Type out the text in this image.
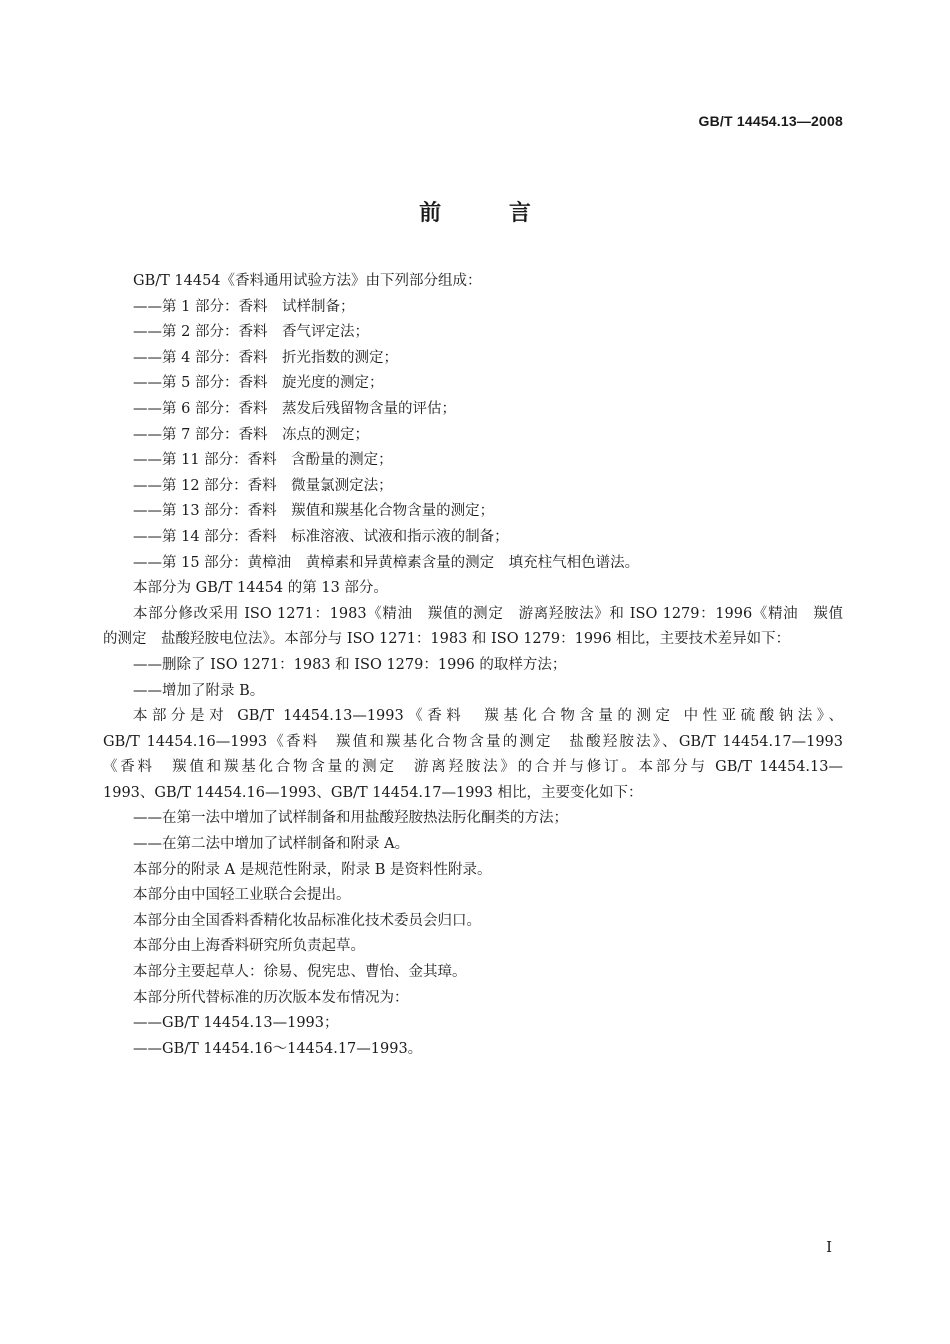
GB/T 14454.13—2008
前 言
GB/T 14454《香料通用试验方法》由下列部分组成：
——第 1 部分：香料　试样制备；
——第 2 部分：香料　香气评定法；
——第 4 部分：香料　折光指数的测定；
——第 5 部分：香料　旋光度的测定；
——第 6 部分：香料　蒸发后残留物含量的评估；
——第 7 部分：香料　冻点的测定；
——第 11 部分：香料　含酚量的测定；
——第 12 部分：香料　微量氯测定法；
——第 13 部分：香料　羰值和羰基化合物含量的测定；
——第 14 部分：香料　标准溶液、试液和指示液的制备；
——第 15 部分：黄樟油　黄樟素和异黄樟素含量的测定　填充柱气相色谱法。
本部分为 GB/T 14454 的第 13 部分。
本部分修改采用 ISO 1271：1983《精油　羰值的测定　游离羟胺法》和 ISO 1279：1996《精油　羰值
的测定　盐酸羟胺电位法》。本部分与 ISO 1271：1983 和 ISO 1279：1996 相比，主要技术差异如下：
——删除了 ISO 1271：1983 和 ISO 1279：1996 的取样方法；
——增加了附录 B。
本部分是对 GB/T 14454.13—1993《香料　羰基化合物含量的测定 中性亚硫酸钠法》、
GB/T 14454.16—1993《香料　羰值和羰基化合物含量的测定　盐酸羟胺法》、GB/T 14454.17—1993
《香料　羰值和羰基化合物含量的测定　游离羟胺法》的合并与修订。本部分与 GB/T 14454.13—
1993、GB/T 14454.16—1993、GB/T 14454.17—1993 相比，主要变化如下：
——在第一法中增加了试样制备和用盐酸羟胺热法肟化酮类的方法；
——在第二法中增加了试样制备和附录 A。
本部分的附录 A 是规范性附录，附录 B 是资料性附录。
本部分由中国轻工业联合会提出。
本部分由全国香料香精化妆品标准化技术委员会归口。
本部分由上海香料研究所负责起草。
本部分主要起草人：徐易、倪宪忠、曹怡、金其璋。
本部分所代替标准的历次版本发布情况为：
——GB/T 14454.13—1993；
——GB/T 14454.16～14454.17—1993。
I
